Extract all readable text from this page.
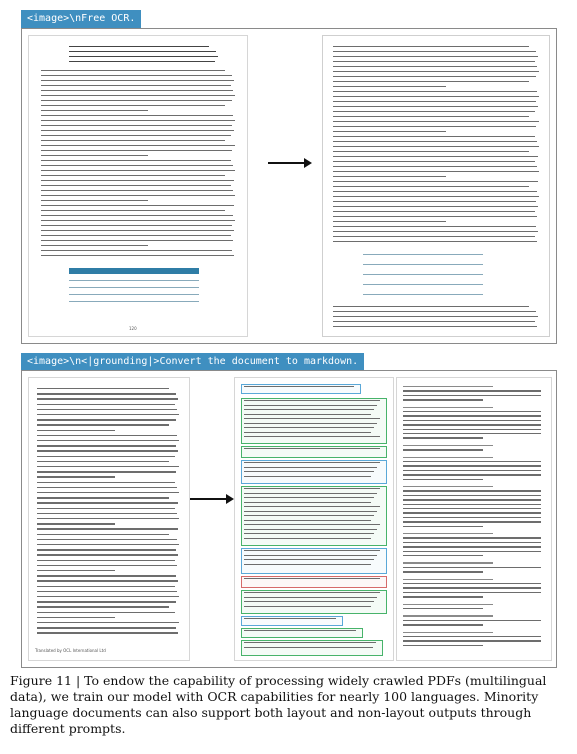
<image>\nFree OCR.
120
<image>\n<|grounding|>Convert the document to markdown.
Translated by OCL International Ltd
Figure 11 | To endow the capability of processing widely crawled PDFs (multilingual data), we train our model with OCR capabilities for nearly 100 languages. Minority language documents can also support both layout and non-layout outputs through different prompts.
